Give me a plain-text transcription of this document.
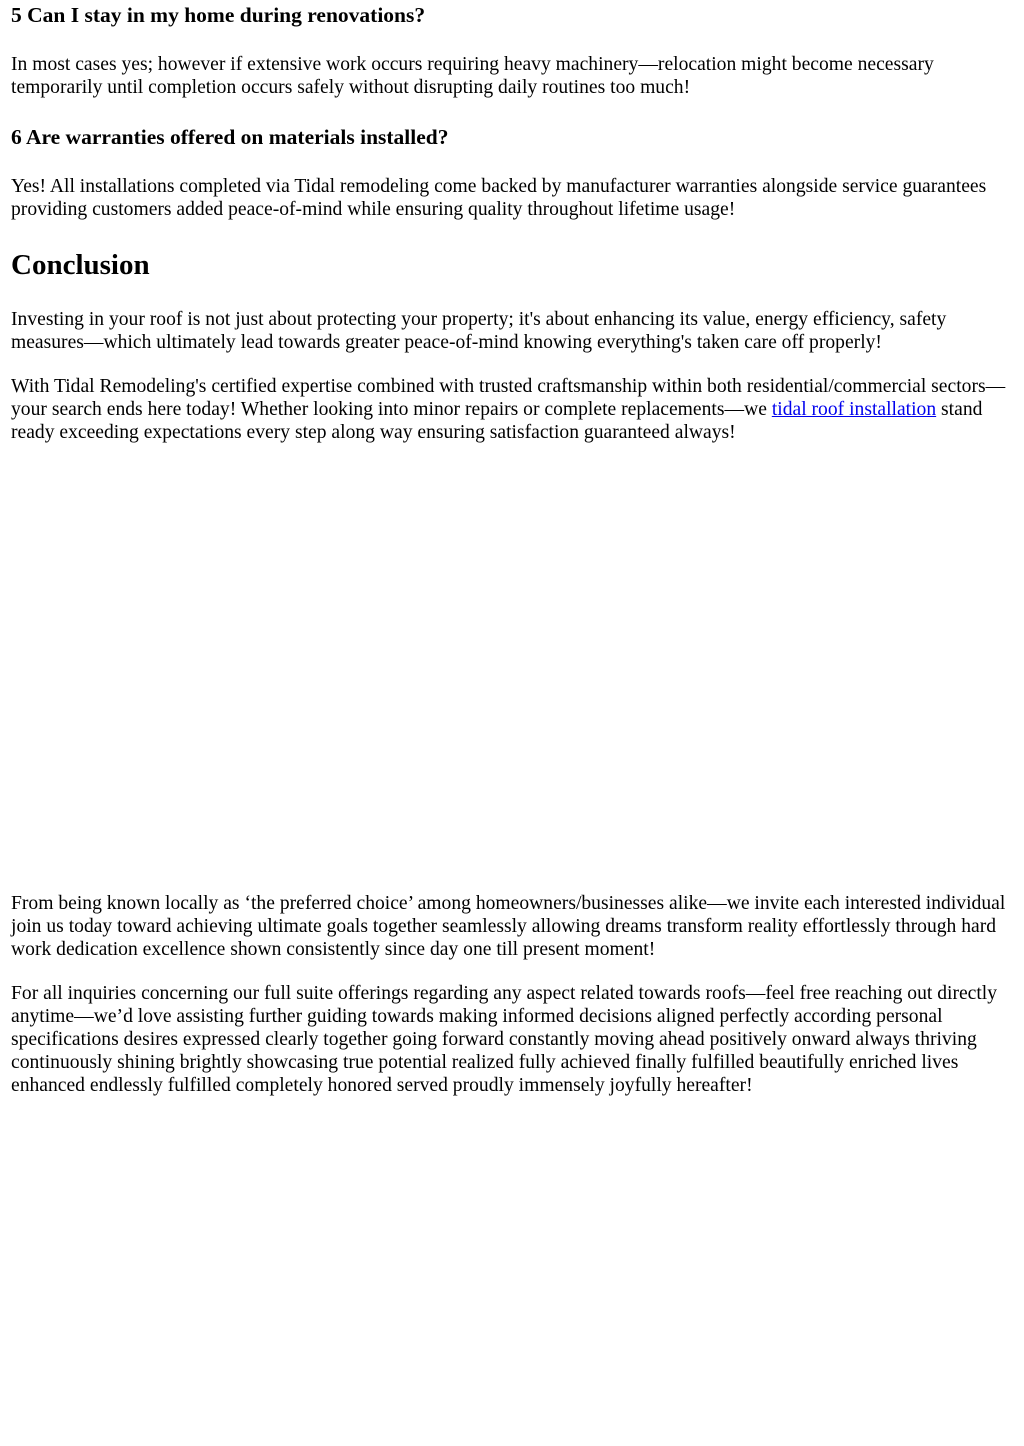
5 Can I stay in my home during renovations?

In most cases yes; however if extensive work occurs requiring heavy machinery—relocation might become necessary temporarily until completion occurs safely without disrupting daily routines too much!

6 Are warranties offered on materials installed?

Yes! All installations completed via Tidal remodeling come backed by manufacturer warranties alongside service guarantees providing customers added peace-of-mind while ensuring quality throughout lifetime usage!

Conclusion

Investing in your roof is not just about protecting your property; it's about enhancing its value, energy efficiency, safety measures—which ultimately lead towards greater peace-of-mind knowing everything's taken care off properly!

With Tidal Remodeling's certified expertise combined with trusted craftsmanship within both residential/commercial sectors—your search ends here today! Whether looking into minor repairs or complete replacements—we tidal roof installation stand ready exceeding expectations every step along way ensuring satisfaction guaranteed always!

From being known locally as ‘the preferred choice’ among homeowners/businesses alike—we invite each interested individual join us today toward achieving ultimate goals together seamlessly allowing dreams transform reality effortlessly through hard work dedication excellence shown consistently since day one till present moment!

For all inquiries concerning our full suite offerings regarding any aspect related towards roofs—feel free reaching out directly anytime—we’d love assisting further guiding towards making informed decisions aligned perfectly according personal specifications desires expressed clearly together going forward constantly moving ahead positively onward always thriving continuously shining brightly showcasing true potential realized fully achieved finally fulfilled beautifully enriched lives enhanced endlessly fulfilled completely honored served proudly immensely joyfully hereafter!
